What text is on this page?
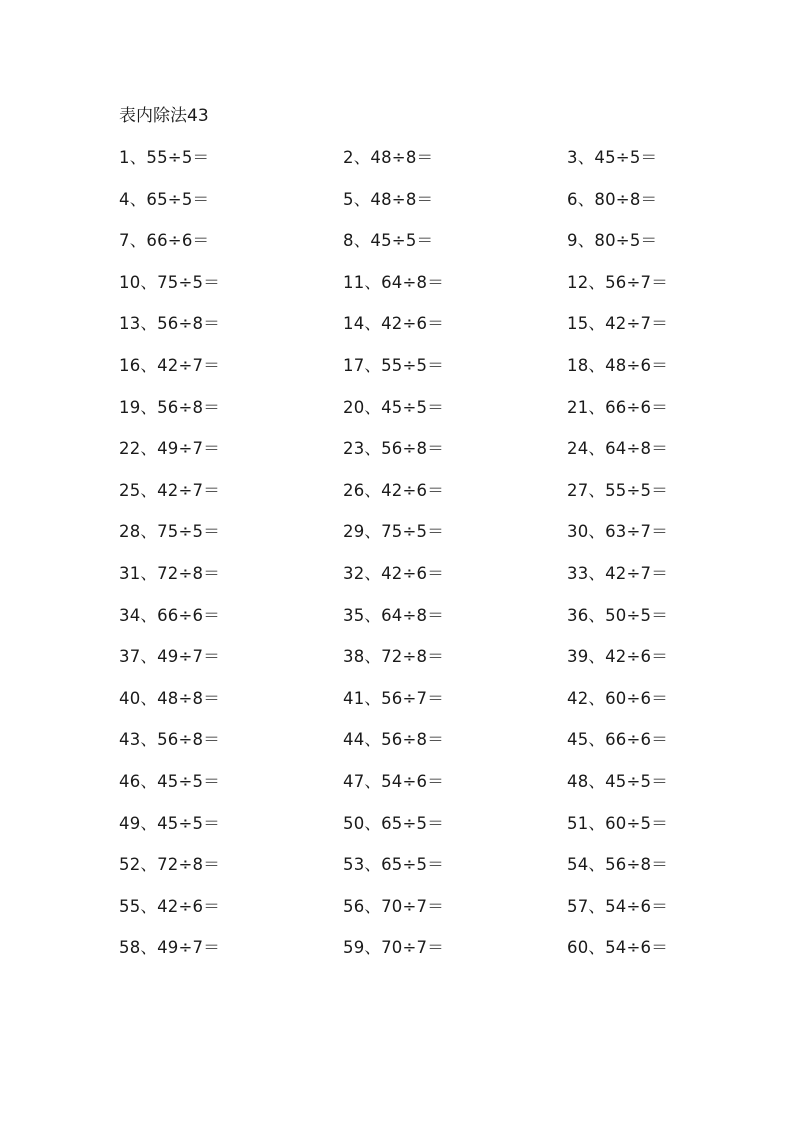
表内除法43
1、55÷5＝	2、48÷8＝	3、45÷5＝
4、65÷5＝	5、48÷8＝	6、80÷8＝
7、66÷6＝	8、45÷5＝	9、80÷5＝
10、75÷5＝	11、64÷8＝	12、56÷7＝
13、56÷8＝	14、42÷6＝	15、42÷7＝
16、42÷7＝	17、55÷5＝	18、48÷6＝
19、56÷8＝	20、45÷5＝	21、66÷6＝
22、49÷7＝	23、56÷8＝	24、64÷8＝
25、42÷7＝	26、42÷6＝	27、55÷5＝
28、75÷5＝	29、75÷5＝	30、63÷7＝
31、72÷8＝	32、42÷6＝	33、42÷7＝
34、66÷6＝	35、64÷8＝	36、50÷5＝
37、49÷7＝	38、72÷8＝	39、42÷6＝
40、48÷8＝	41、56÷7＝	42、60÷6＝
43、56÷8＝	44、56÷8＝	45、66÷6＝
46、45÷5＝	47、54÷6＝	48、45÷5＝
49、45÷5＝	50、65÷5＝	51、60÷5＝
52、72÷8＝	53、65÷5＝	54、56÷8＝
55、42÷6＝	56、70÷7＝	57、54÷6＝
58、49÷7＝	59、70÷7＝	60、54÷6＝
